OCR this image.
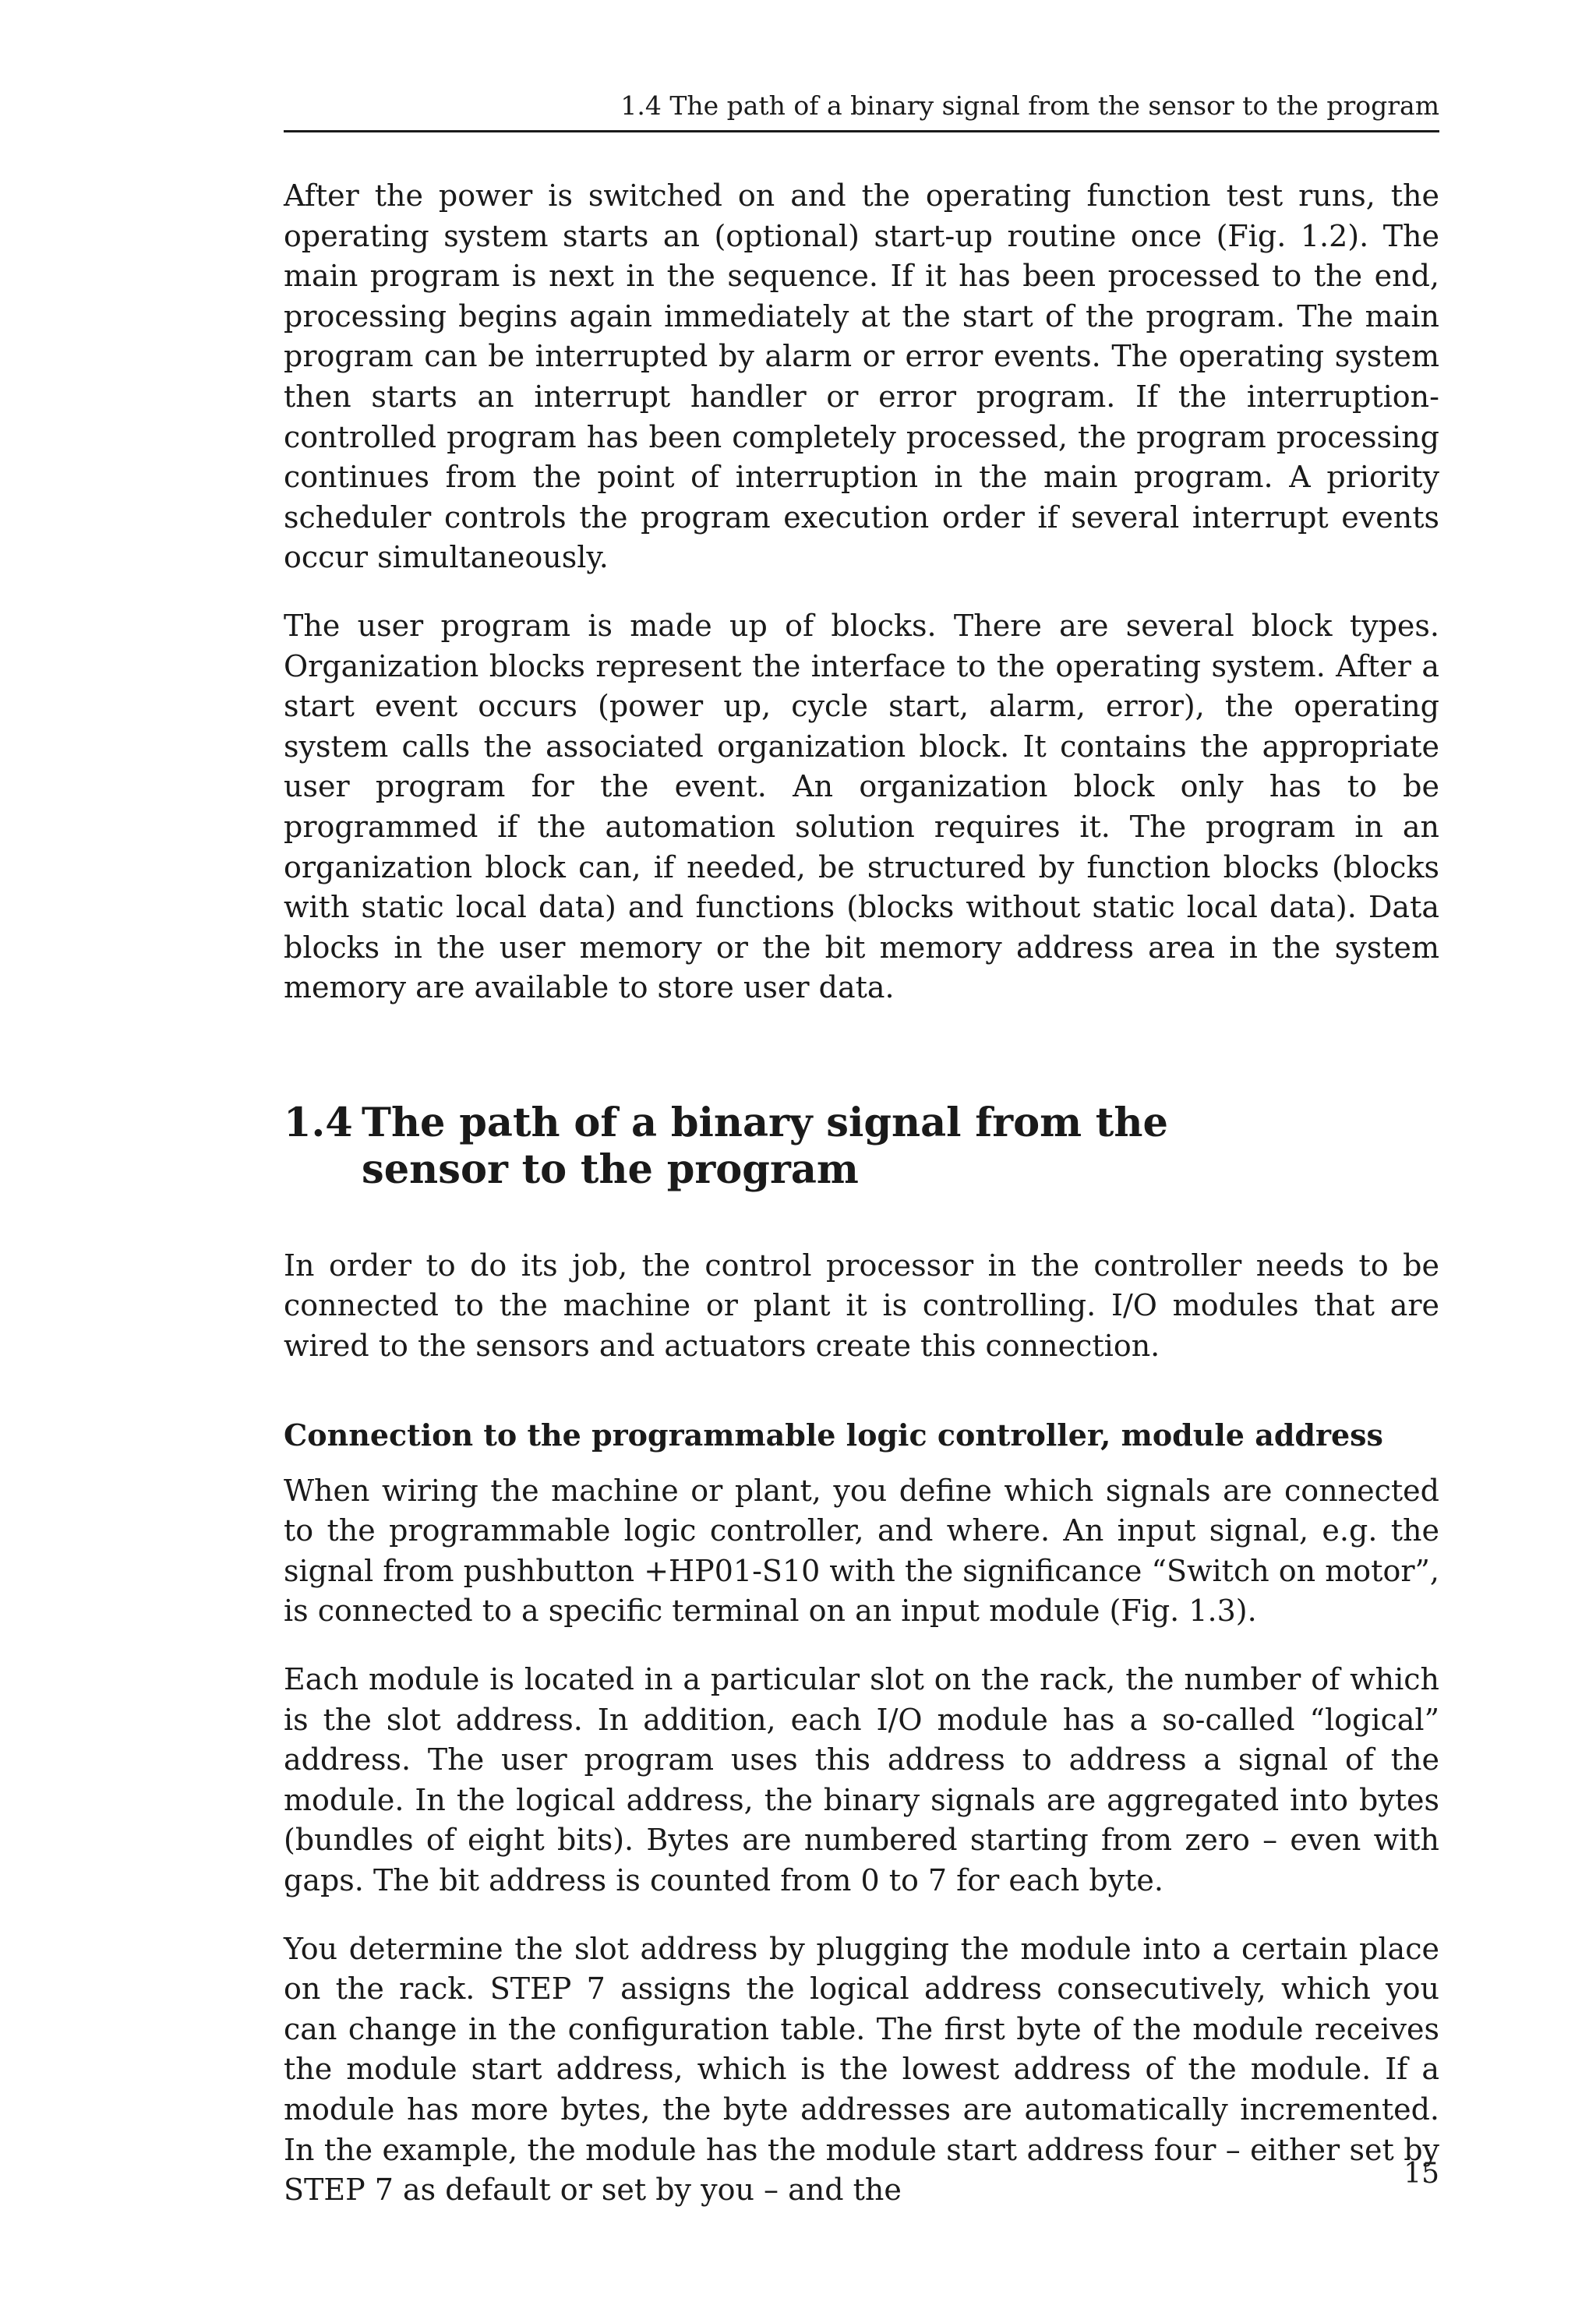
1.4 The path of a binary signal from the sensor to the program

After the power is switched on and the operating function test runs, the operating system starts an (optional) start-up routine once (Fig. 1.2). The main program is next in the sequence. If it has been processed to the end, processing begins again immediately at the start of the program. The main program can be interrupted by alarm or error events. The operating system then starts an interrupt handler or error program. If the interruption-controlled program has been completely processed, the program processing continues from the point of interruption in the main program. A priority scheduler controls the program execution order if several interrupt events occur simultaneously.

The user program is made up of blocks. There are several block types. Organization blocks represent the interface to the operating system. After a start event occurs (power up, cycle start, alarm, error), the operating system calls the associated organization block. It contains the appropriate user program for the event. An organization block only has to be programmed if the automation solution requires it. The program in an organization block can, if needed, be structured by function blocks (blocks with static local data) and functions (blocks without static local data). Data blocks in the user memory or the bit memory address area in the system memory are available to store user data.

1.4 The path of a binary signal from the sensor to the program

In order to do its job, the control processor in the controller needs to be connected to the machine or plant it is controlling. I/O modules that are wired to the sensors and actuators create this connection.

Connection to the programmable logic controller, module address

When wiring the machine or plant, you define which signals are connected to the programmable logic controller, and where. An input signal, e.g. the signal from pushbutton +HP01-S10 with the significance “Switch on motor”, is connected to a specific terminal on an input module (Fig. 1.3).

Each module is located in a particular slot on the rack, the number of which is the slot address. In addition, each I/O module has a so-called “logical” address. The user program uses this address to address a signal of the module. In the logical address, the binary signals are aggregated into bytes (bundles of eight bits). Bytes are numbered starting from zero – even with gaps. The bit address is counted from 0 to 7 for each byte.

You determine the slot address by plugging the module into a certain place on the rack. STEP 7 assigns the logical address consecutively, which you can change in the configuration table. The first byte of the module receives the module start address, which is the lowest address of the module. If a module has more bytes, the byte addresses are automatically incremented. In the example, the module has the module start address four – either set by STEP 7 as default or set by you – and the	15
